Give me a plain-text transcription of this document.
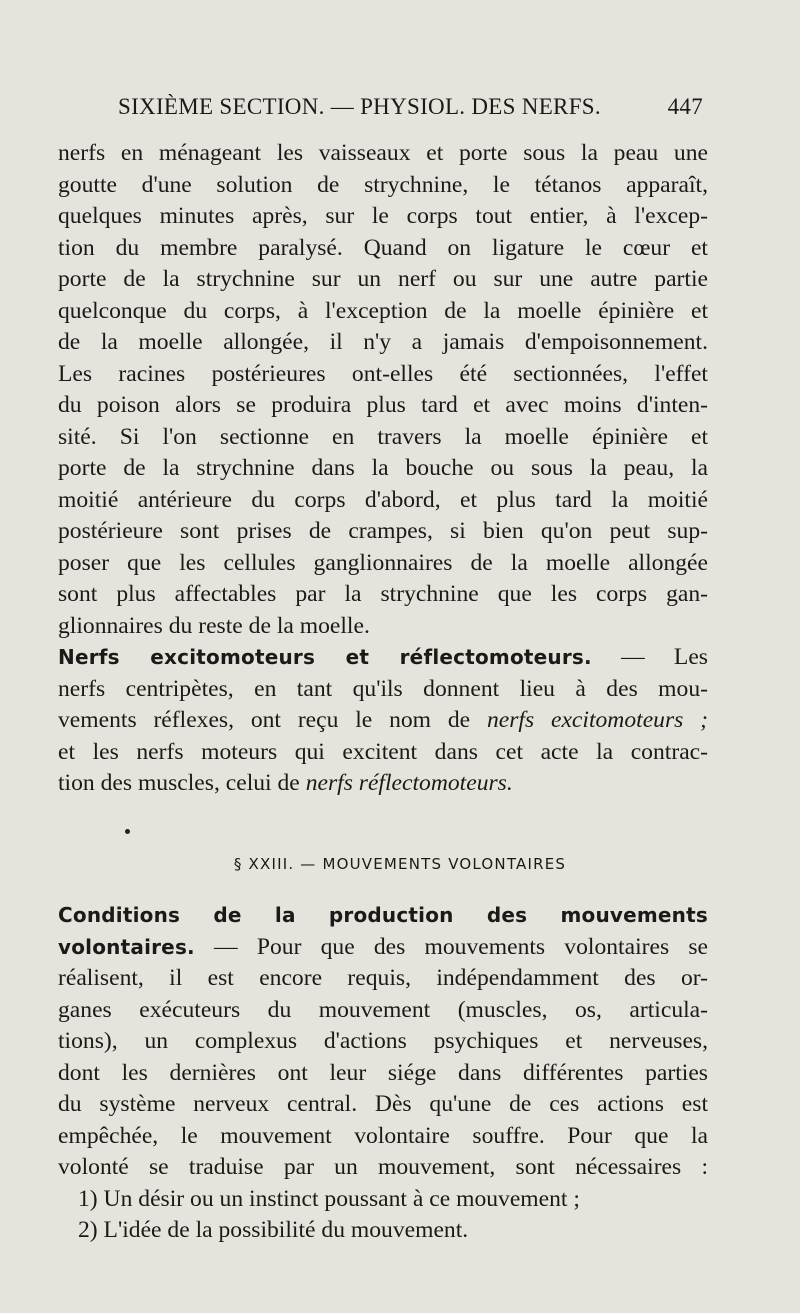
SIXIÈME SECTION. — PHYSIOL. DES NERFS.	447
nerfs en ménageant les vaisseaux et porte sous la peau une
goutte d'une solution de strychnine, le tétanos apparaît,
quelques minutes après, sur le corps tout entier, à l'excep-
tion du membre paralysé. Quand on ligature le cœur et
porte de la strychnine sur un nerf ou sur une autre partie
quelconque du corps, à l'exception de la moelle épinière et
de la moelle allongée, il n'y a jamais d'empoisonnement.
Les racines postérieures ont-elles été sectionnées, l'effet
du poison alors se produira plus tard et avec moins d'inten-
sité. Si l'on sectionne en travers la moelle épinière et
porte de la strychnine dans la bouche ou sous la peau, la
moitié antérieure du corps d'abord, et plus tard la moitié
postérieure sont prises de crampes, si bien qu'on peut sup-
poser que les cellules ganglionnaires de la moelle allongée
sont plus affectables par la strychnine que les corps gan-
glionnaires du reste de la moelle.
Nerfs excitomoteurs et réflectomoteurs. — Les
nerfs centripètes, en tant qu'ils donnent lieu à des mou-
vements réflexes, ont reçu le nom de nerfs excitomoteurs ;
et les nerfs moteurs qui excitent dans cet acte la contrac-
tion des muscles, celui de nerfs réflectomoteurs.
§ XXIII. — MOUVEMENTS VOLONTAIRES
Conditions de la production des mouvements
volontaires. — Pour que des mouvements volontaires se
réalisent, il est encore requis, indépendamment des or-
ganes exécuteurs du mouvement (muscles, os, articula-
tions), un complexus d'actions psychiques et nerveuses,
dont les dernières ont leur siége dans différentes parties
du système nerveux central. Dès qu'une de ces actions est
empêchée, le mouvement volontaire souffre. Pour que la
volonté se traduise par un mouvement, sont nécessaires :
1) Un désir ou un instinct poussant à ce mouvement ;
2) L'idée de la possibilité du mouvement.
